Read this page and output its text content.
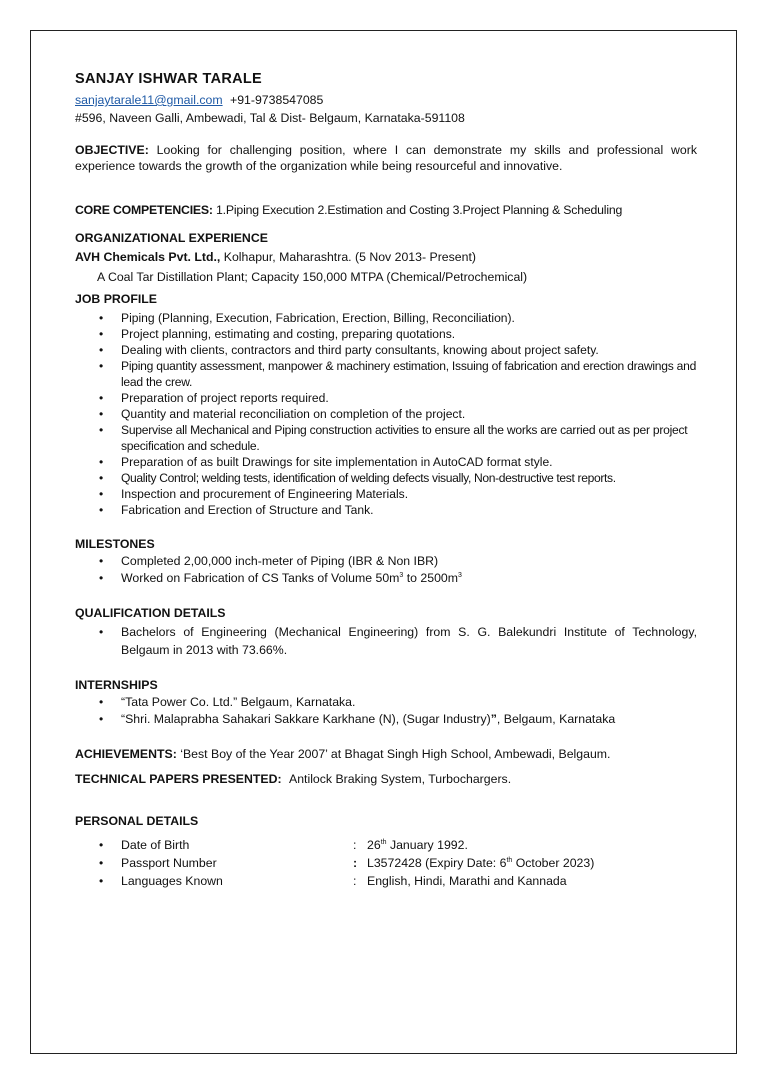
SANJAY ISHWAR TARALE
sanjaytarale11@gmail.com +91-9738547085
#596, Naveen Galli, Ambewadi, Tal & Dist- Belgaum, Karnataka-591108
OBJECTIVE: Looking for challenging position, where I can demonstrate my skills and professional work experience towards the growth of the organization while being resourceful and innovative.
CORE COMPETENCIES: 1.Piping Execution 2.Estimation and Costing 3.Project Planning & Scheduling
ORGANIZATIONAL EXPERIENCE
AVH Chemicals Pvt. Ltd., Kolhapur, Maharashtra. (5 Nov 2013- Present)
A Coal Tar Distillation Plant; Capacity 150,000 MTPA (Chemical/Petrochemical)
JOB PROFILE
• Piping (Planning, Execution, Fabrication, Erection, Billing, Reconciliation).
• Project planning, estimating and costing, preparing quotations.
• Dealing with clients, contractors and third party consultants, knowing about project safety.
• Piping quantity assessment, manpower & machinery estimation, Issuing of fabrication and erection drawings and lead the crew.
• Preparation of project reports required.
• Quantity and material reconciliation on completion of the project.
• Supervise all Mechanical and Piping construction activities to ensure all the works are carried out as per project specification and schedule.
• Preparation of as built Drawings for site implementation in AutoCAD format style.
• Quality Control; welding tests, identification of welding defects visually, Non-destructive test reports.
• Inspection and procurement of Engineering Materials.
• Fabrication and Erection of Structure and Tank.
MILESTONES
• Completed 2,00,000 inch-meter of Piping (IBR & Non IBR)
• Worked on Fabrication of CS Tanks of Volume $50m^3$ to $2500m^3$
QUALIFICATION DETAILS
• Bachelors of Engineering (Mechanical Engineering) from S. G. Balekundri Institute of Technology, Belgaum in 2013 with 73.66%.
INTERNSHIPS
• “Tata Power Co. Ltd.” Belgaum, Karnataka.
• “Shri. Malaprabha Sahakari Sakkare Karkhane (N), (Sugar Industry)”, Belgaum, Karnataka
ACHIEVEMENTS: ‘Best Boy of the Year 2007’ at Bhagat Singh High School, Ambewadi, Belgaum.
TECHNICAL PAPERS PRESENTED: Antilock Braking System, Turbochargers.
PERSONAL DETAILS
• Date of Birth	: 26th January 1992.
• Passport Number	: L3572428 (Expiry Date: 6th October 2023)
• Languages Known	: English, Hindi, Marathi and Kannada
